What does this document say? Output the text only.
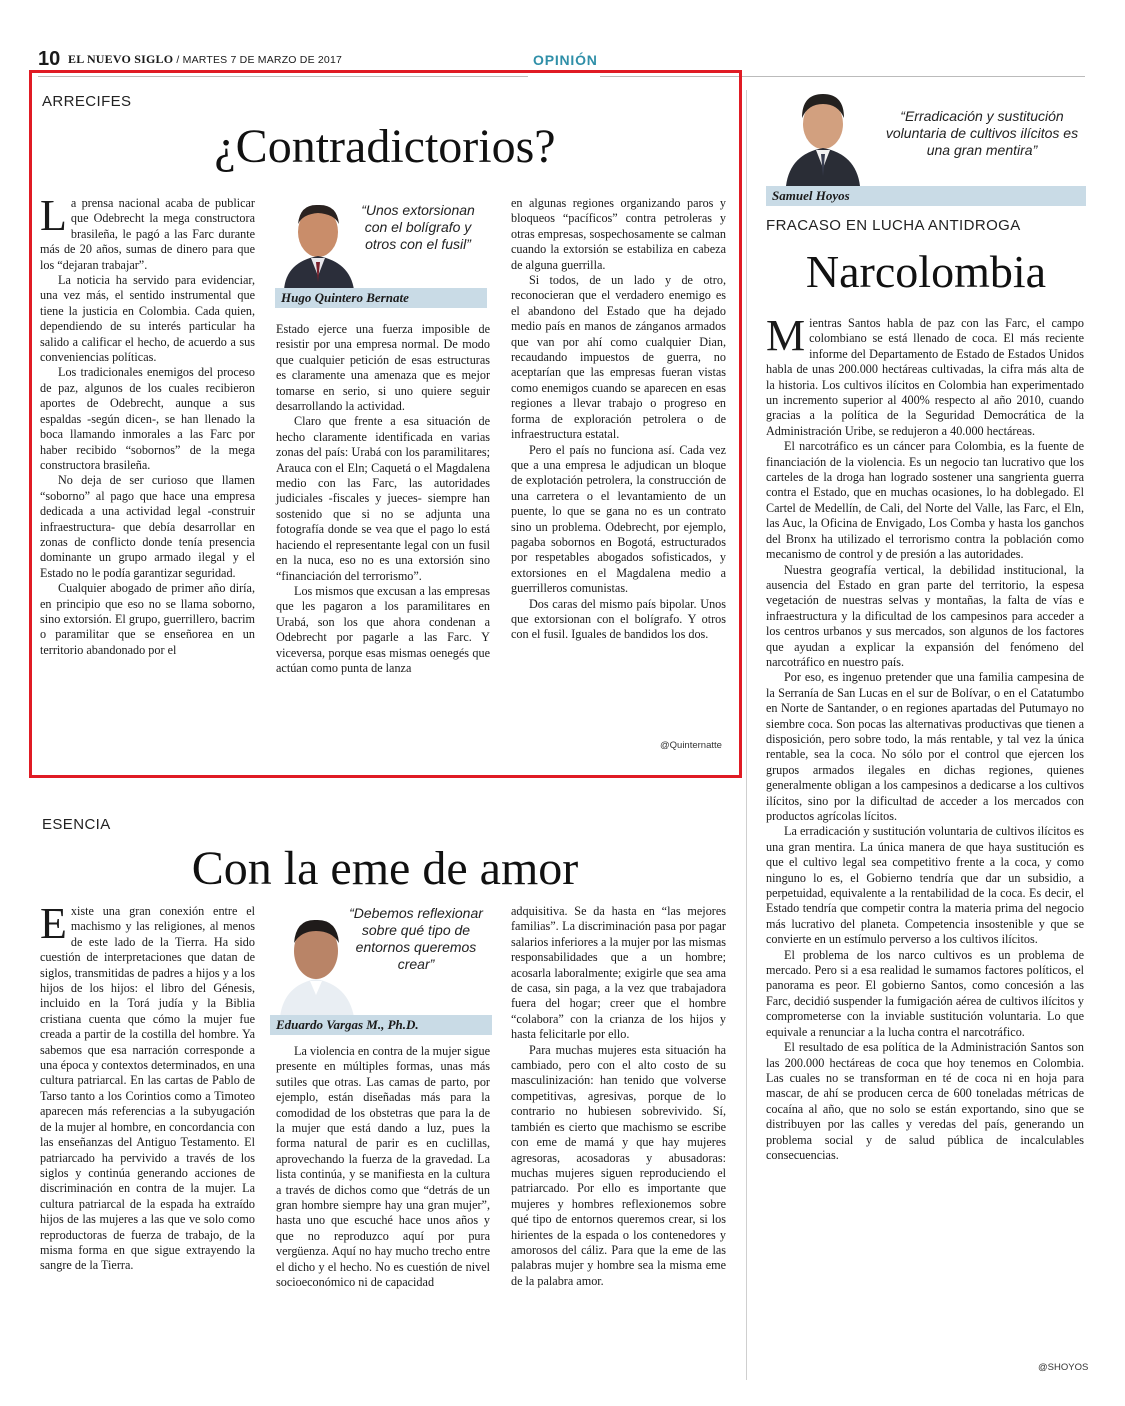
10 EL NUEVO SIGLO / MARTES 7 DE MARZO DE 2017	OPINIÓN
ARRECIFES
¿Contradictorios?

La prensa nacional acaba de publicar que Odebrecht la mega constructora brasileña, le pagó a las Farc durante más de 20 años, sumas de dinero para que los “dejaran trabajar”.

La noticia ha servido para evidenciar, una vez más, el sentido instrumental que tiene la justicia en Colombia. Cada quien, dependiendo de su interés particular ha salido a calificar el hecho, de acuerdo a sus conveniencias políticas.

Los tradicionales enemigos del proceso de paz, algunos de los cuales recibieron aportes de Odebrecht, aunque a sus espaldas -según dicen-, se han llenado la boca llamando inmorales a las Farc por haber recibido “sobornos” de la mega constructora brasileña.

No deja de ser curioso que llamen “soborno” al pago que hace una empresa dedicada a una actividad legal -construir infraestructura- que debía desarrollar en zonas de conflicto donde tenía presencia dominante un grupo armado ilegal y el Estado no le podía garantizar seguridad.

Cualquier abogado de primer año diría, en principio que eso no se llama soborno, sino extorsión. El grupo, guerrillero, bacrim o paramilitar que se enseñorea en un territorio abandonado por el

“Unos extorsionan con el bolígrafo y otros con el fusil”
Hugo Quintero Bernate

Estado ejerce una fuerza imposible de resistir por una empresa normal. De modo que cualquier petición de esas estructuras es claramente una amenaza que es mejor tomarse en serio, si uno quiere seguir desarrollando la actividad.

Claro que frente a esa situación de hecho claramente identificada en varias zonas del país: Urabá con los paramilitares; Arauca con el Eln; Caquetá o el Magdalena medio con las Farc, las autoridades judiciales -fiscales y jueces- siempre han sostenido que si no se adjunta una fotografía donde se vea que el pago lo está haciendo el representante legal con un fusil en la nuca, eso no es una extorsión sino “financiación del terrorismo”.

Los mismos que excusan a las empresas que les pagaron a los paramilitares en Urabá, son los que ahora condenan a Odebrecht por pagarle a las Farc. Y viceversa, porque esas mismas oenegés que actúan como punta de lanza

en algunas regiones organizando paros y bloqueos “pacíficos” contra petroleras y otras empresas, sospechosamente se calman cuando la extorsión se estabiliza en cabeza de alguna guerrilla.

Si todos, de un lado y de otro, reconocieran que el verdadero enemigo es el abandono del Estado que ha dejado medio país en manos de zánganos armados que van por ahí como cualquier Dian, recaudando impuestos de guerra, no aceptarían que las empresas fueran vistas como enemigos cuando se aparecen en esas regiones a llevar trabajo o progreso en forma de exploración petrolera o de infraestructura estatal.

Pero el país no funciona así. Cada vez que a una empresa le adjudican un bloque de explotación petrolera, la construcción de una carretera o el levantamiento de un puente, lo que se gana no es un contrato sino un problema. Odebrecht, por ejemplo, pagaba sobornos en Bogotá, estructurados por respetables abogados sofisticados, y extorsiones en el Magdalena medio a guerrilleros comunistas.

Dos caras del mismo país bipolar. Unos que extorsionan con el bolígrafo. Y otros con el fusil. Iguales de bandidos los dos.

@Quinternatte
ESENCIA
Con la eme de amor

Existe una gran conexión entre el machismo y las religiones, al menos de este lado de la Tierra. Ha sido cuestión de interpretaciones que datan de siglos, transmitidas de padres a hijos y a los hijos de los hijos: el libro del Génesis, incluido en la Torá judía y la Biblia cristiana cuenta que cómo la mujer fue creada a partir de la costilla del hombre. Ya sabemos que esa narración corresponde a una época y contextos determinados, en una cultura patriarcal. En las cartas de Pablo de Tarso tanto a los Corintios como a Timoteo aparecen más referencias a la subyugación de la mujer al hombre, en concordancia con las enseñanzas del Antiguo Testamento. El patriarcado ha pervivido a través de los siglos y continúa generando acciones de discriminación en contra de la mujer. La cultura patriarcal de la espada ha extraído hijos de las mujeres a las que ve solo como reproductoras de fuerza de trabajo, de la misma forma en que sigue extrayendo la sangre de la Tierra.

“Debemos reflexionar sobre qué tipo de entornos queremos crear”
Eduardo Vargas M., Ph.D.

La violencia en contra de la mujer sigue presente en múltiples formas, unas más sutiles que otras. Las camas de parto, por ejemplo, están diseñadas más para la comodidad de los obstetras que para la de la mujer que está dando a luz, pues la forma natural de parir es en cuclillas, aprovechando la fuerza de la gravedad. La lista continúa, y se manifiesta en la cultura a través de dichos como que “detrás de un gran hombre siempre hay una gran mujer”, hasta uno que escuché hace unos años y que no reproduzco aquí por pura vergüenza. Aquí no hay mucho trecho entre el dicho y el hecho. No es cuestión de nivel socioeconómico ni de capacidad

adquisitiva. Se da hasta en “las mejores familias”. La discriminación pasa por pagar salarios inferiores a la mujer por las mismas responsabilidades que a un hombre; acosarla laboralmente; exigirle que sea ama de casa, sin paga, a la vez que trabajadora fuera del hogar; creer que el hombre “colabora” con la crianza de los hijos y hasta felicitarle por ello.

Para muchas mujeres esta situación ha cambiado, pero con el alto costo de su masculinización: han tenido que volverse competitivas, agresivas, porque de lo contrario no hubiesen sobrevivido. Sí, también es cierto que machismo se escribe con eme de mamá y que hay mujeres agresoras, acosadoras y abusadoras: muchas mujeres siguen reproduciendo el patriarcado. Por ello es importante que mujeres y hombres reflexionemos sobre qué tipo de entornos queremos crear, si los hirientes de la espada o los contenedores y amorosos del cáliz. Para que la eme de las palabras mujer y hombre sea la misma eme de la palabra amor.

“Erradicación y sustitución voluntaria de cultivos ilícitos es una gran mentira”
Samuel Hoyos
FRACASO EN LUCHA ANTIDROGA
Narcolombia

Mientras Santos habla de paz con las Farc, el campo colombiano se está llenado de coca. El más reciente informe del Departamento de Estado de Estados Unidos habla de unas 200.000 hectáreas cultivadas, la cifra más alta de la historia. Los cultivos ilícitos en Colombia han experimentado un incremento superior al 400% respecto al año 2010, cuando gracias a la política de la Seguridad Democrática de la Administración Uribe, se redujeron a 40.000 hectáreas.

El narcotráfico es un cáncer para Colombia, es la fuente de financiación de la violencia. Es un negocio tan lucrativo que los carteles de la droga han logrado sostener una sangrienta guerra contra el Estado, que en muchas ocasiones, lo ha doblegado. El Cartel de Medellín, de Cali, del Norte del Valle, las Farc, el Eln, las Auc, la Oficina de Envigado, Los Comba y hasta los ganchos del Bronx ha utilizado el terrorismo contra la población como mecanismo de control y de presión a las autoridades.

Nuestra geografía vertical, la debilidad institucional, la ausencia del Estado en gran parte del territorio, la espesa vegetación de nuestras selvas y montañas, la falta de vías e infraestructura y la dificultad de los campesinos para acceder a los centros urbanos y sus mercados, son algunos de los factores que ayudan a explicar la expansión del fenómeno del narcotráfico en nuestro país.

Por eso, es ingenuo pretender que una familia campesina de la Serranía de San Lucas en el sur de Bolívar, o en el Catatumbo en Norte de Santander, o en regiones apartadas del Putumayo no siembre coca. Son pocas las alternativas productivas que tienen a disposición, pero sobre todo, la más rentable, y tal vez la única rentable, sea la coca. No sólo por el control que ejercen los grupos armados ilegales en dichas regiones, quienes generalmente obligan a los campesinos a dedicarse a los cultivos ilícitos, sino por la dificultad de acceder a los mercados con productos agrícolas lícitos.

La erradicación y sustitución voluntaria de cultivos ilícitos es una gran mentira. La única manera de que haya sustitución es que el cultivo legal sea competitivo frente a la coca, y como ninguno lo es, el Gobierno tendría que dar un subsidio, a perpetuidad, equivalente a la rentabilidad de la coca. Es decir, el Estado tendría que competir contra la materia prima del negocio más lucrativo del planeta. Competencia insostenible y que se convierte en un estímulo perverso a los cultivos ilícitos.

El problema de los narco cultivos es un problema de mercado. Pero si a esa realidad le sumamos factores políticos, el panorama es peor. El gobierno Santos, como concesión a las Farc, decidió suspender la fumigación aérea de cultivos ilícitos y comprometerse con la inviable sustitución voluntaria. Lo que equivale a renunciar a la lucha contra el narcotráfico.

El resultado de esa política de la Administración Santos son las 200.000 hectáreas de coca que hoy tenemos en Colombia. Las cuales no se transforman en té de coca ni en hoja para mascar, de ahí se producen cerca de 600 toneladas métricas de cocaína al año, que no solo se están exportando, sino que se distribuyen por las calles y veredas del país, generando un problema social y de salud pública de incalculables consecuencias.

@SHOYOS
